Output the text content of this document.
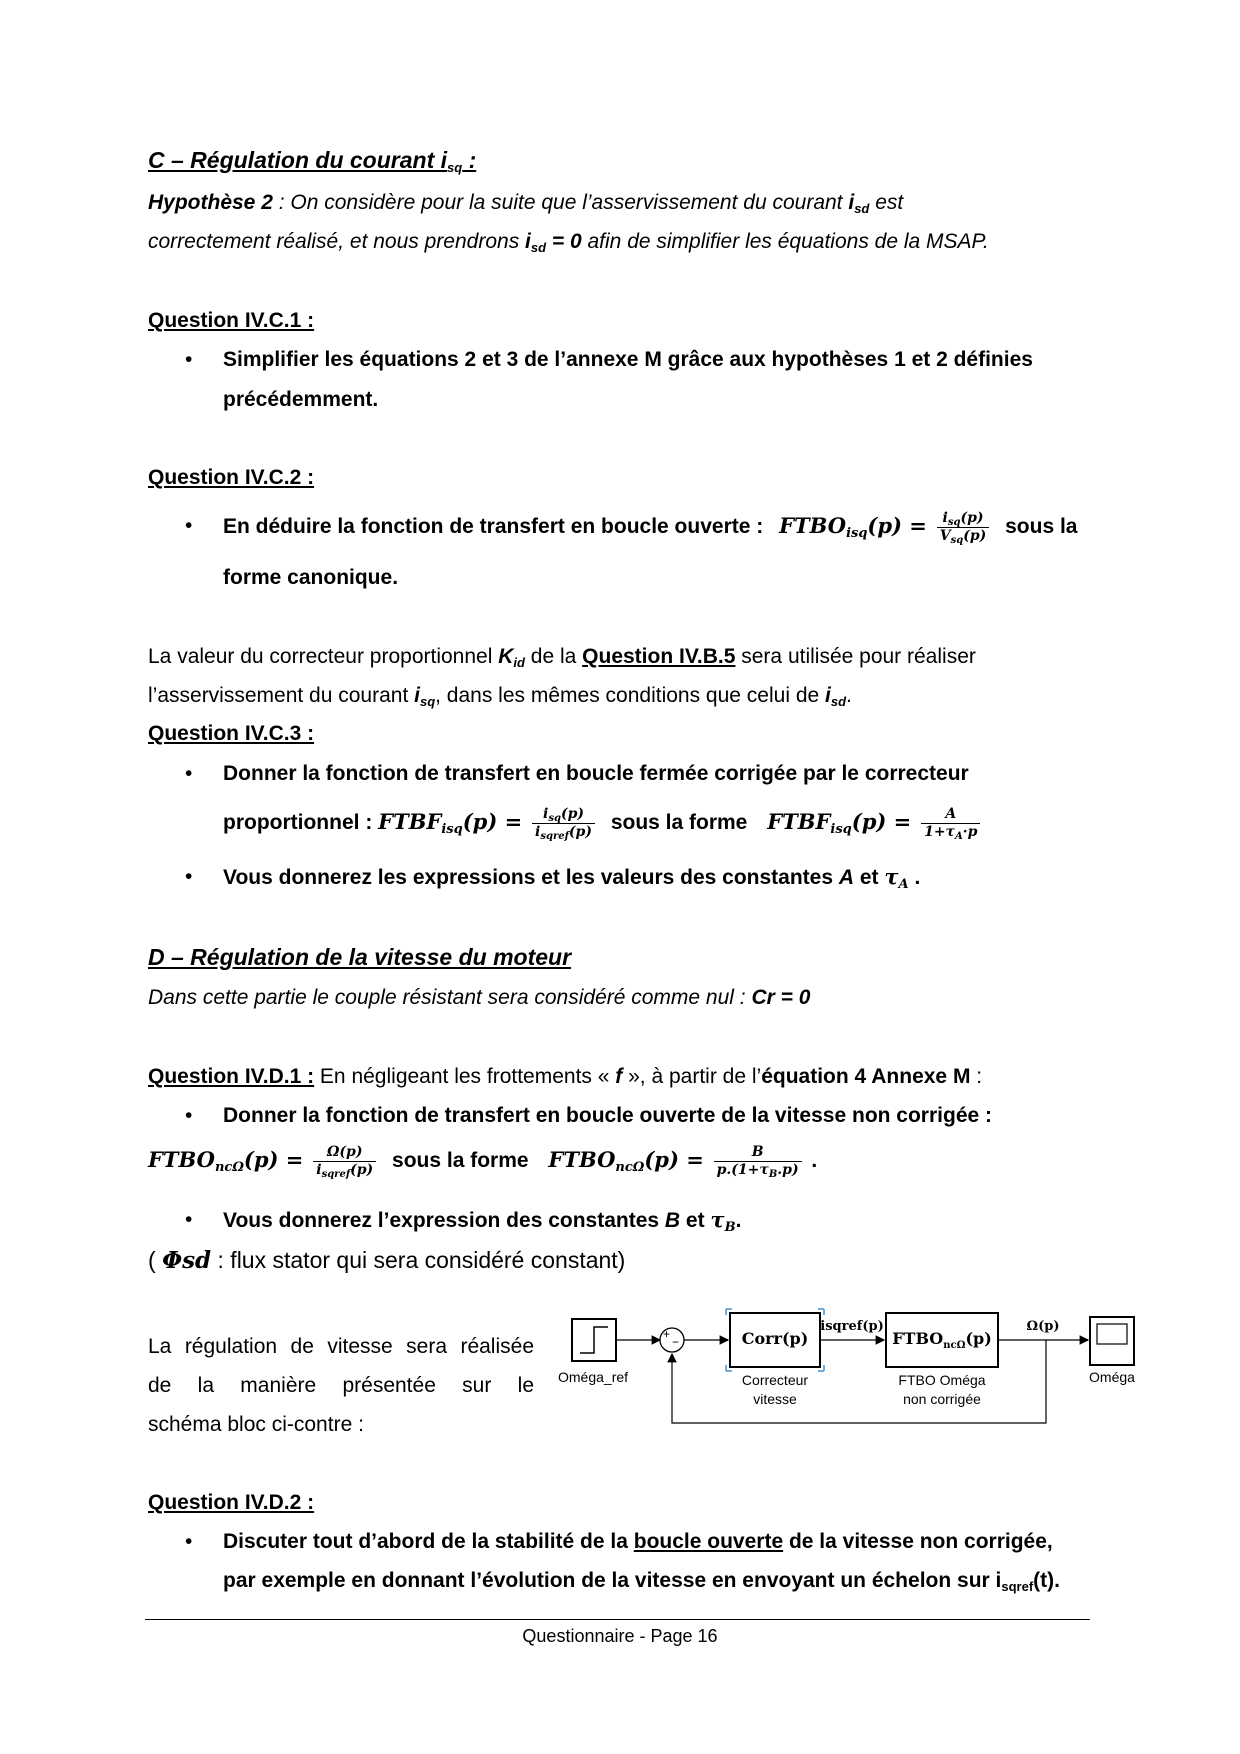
C – Régulation du courant $i_{sq}$ :
Hypothèse 2 : On considère pour la suite que l’asservissement du courant $i_{sd}$ est
correctement réalisé, et nous prendrons $i_{sd} = 0$ afin de simplifier les équations de la MSAP.
Question IV.C.1 :
• Simplifier les équations 2 et 3 de l’annexe M grâce aux hypothèses 1 et 2 définies
précédemment.
Question IV.C.2 :
• En déduire la fonction de transfert en boucle ouverte : $FTBO_{isq}(p) = \frac{i_{sq}(p)}{V_{sq}(p)}$ sous la
forme canonique.
La valeur du correcteur proportionnel $K_{id}$ de la Question IV.B.5 sera utilisée pour réaliser
l’asservissement du courant $i_{sq}$, dans les mêmes conditions que celui de $i_{sd}$.
Question IV.C.3 :
• Donner la fonction de transfert en boucle fermée corrigée par le correcteur
proportionnel : $FTBF_{isq}(p) = \frac{i_{sq}(p)}{i_{sqref}(p)}$ sous la forme $FTBF_{isq}(p) = \frac{A}{1+\tau_A\cdot p}$
• Vous donnerez les expressions et les valeurs des constantes A et $\tau_A$ .
D – Régulation de la vitesse du moteur
Dans cette partie le couple résistant sera considéré comme nul : Cr = 0
Question IV.D.1 : En négligeant les frottements « f », à partir de l’équation 4 Annexe M :
• Donner la fonction de transfert en boucle ouverte de la vitesse non corrigée :
$FTBO_{nc\Omega}(p) = \frac{\Omega(p)}{i_{sqref}(p)}$ sous la forme $FTBO_{nc\Omega}(p) = \frac{B}{p.(1+\tau_B.p)}$ .
• Vous donnerez l’expression des constantes B et $\tau_B$.
( Φsd : flux stator qui sera considéré constant)
La régulation de vitesse sera réalisée
de la manière présentée sur le
schéma bloc ci-contre :
Oméga_ref
+
−	Corr(p)
Correcteur
vitesse
isqref(p)
$FTBO_{nc\Omega}(p)$
FTBO Oméga
non corrigée
Ω(p)
Oméga
Question IV.D.2 :
• Discuter tout d’abord de la stabilité de la boucle ouverte de la vitesse non corrigée,
par exemple en donnant l’évolution de la vitesse en envoyant un échelon sur $i_{sqref}(t)$.
Questionnaire - Page 16
